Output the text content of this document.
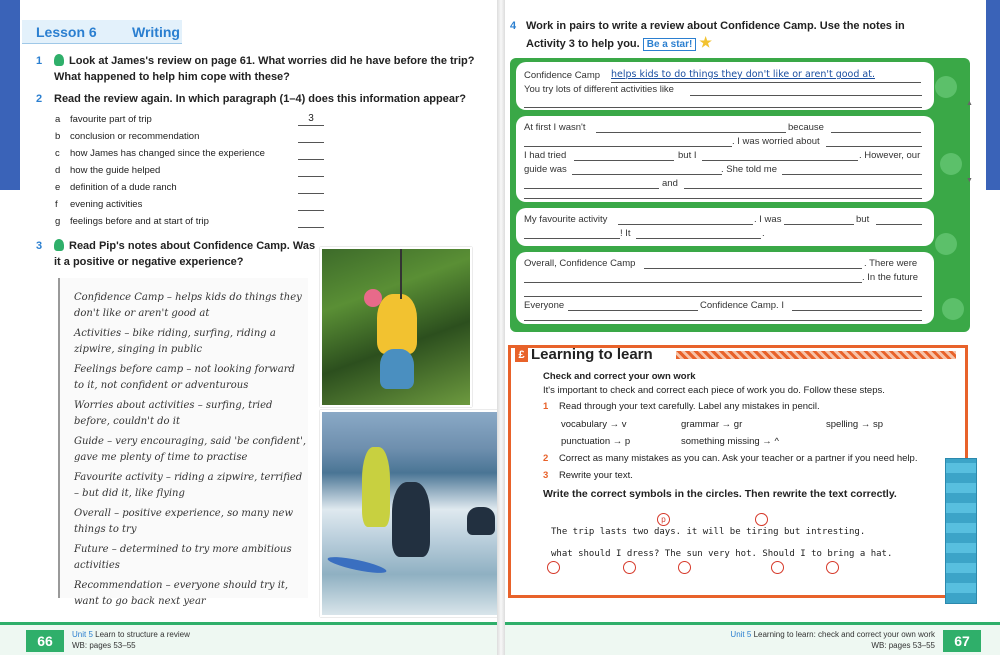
Lesson 6	Writing
1	Look at James's review on page 61. What worries did he have before the trip? What happened to help him cope with these?
2	Read the review again. In which paragraph (1–4) does this information appear?
a favourite part of trip	3
b conclusion or recommendation
c how James has changed since the experience
d how the guide helped
e definition of a dude ranch
f evening activities
g feelings before and at start of trip
3	Read Pip's notes about Confidence Camp. Was it a positive or negative experience?
Confidence Camp – helps kids do things they don't like or aren't good at
Activities – bike riding, surfing, riding a zipwire, singing in public
Feelings before camp – not looking forward to it, not confident or adventurous
Worries about activities – surfing, tried before, couldn't do it
Guide – very encouraging, said 'be confident', gave me plenty of time to practise
Favourite activity – riding a zipwire, terrified – but did it, like flying
Overall – positive experience, so many new things to try
Future – determined to try more ambitious activities
Recommendation – everyone should try it, want to go back next year
66	Unit 5 Learn to structure a review
WB: pages 53–55
4 Work in pairs to write a review about Confidence Camp. Use the notes in Activity 3 to help you. Be a star! ★
Confidence Camp helps kids to do things they don't like or aren't good at.
You try lots of different activities like
At first I wasn't	because
. I was worried about
I had tried	but I	. However, our
guide was	. She told me
and
My favourite activity	. I was	but
! It	.
Overall, Confidence Camp	. There were
. In the future
Everyone	Confidence Camp. I
▲
▼
£ Learning to learn
Check and correct your own work
It's important to check and correct each piece of work you do. Follow these steps.
1 Read through your text carefully. Label any mistakes in pencil.
vocabulary → v	grammar → gr	spelling → sp
punctuation → p	something missing → ^
2 Correct as many mistakes as you can. Ask your teacher or a partner if you need help.
3 Rewrite your text.
Write the correct symbols in the circles. Then rewrite the text correctly.
p
The trip lasts two days. it will be tiring but intresting.
what should I dress? The sun very hot. Should I to bring a hat.
Unit 5 Learning to learn: check and correct your own work
WB: pages 53–55	67
